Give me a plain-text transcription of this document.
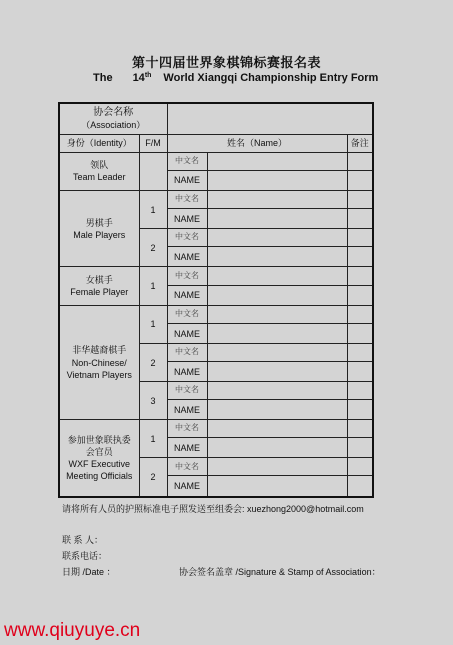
第十四届世界象棋锦标赛报名表
The 14th World Xiangqi Championship Entry Form
协会名称
（Association）				

身份（Identity）	F/M	姓名（Name）		备注

领队
Team Leader		中文名		
		NAME		

男棋手
Male Players	1	中文名		
		NAME		
	2	中文名		
		NAME		

女棋手
Female Player	1	中文名		
		NAME		

非华越裔棋手
Non-Chinese/
Vietnam Players	1	中文名		
		NAME		
	2	中文名		
		NAME		
	3	中文名		
		NAME		

参加世象联执委
会官员
WXF Executive
Meeting Officials	1	中文名		
		NAME		
	2	中文名		
		NAME		
请将所有人员的护照标准电子照发送至组委会: xuezhong2000@hotmail.com
联 系 人：
联系电话：
日期 /Date ：	协会签名盖章 /Signature & Stamp of Association：
www.qiuyuye.cn
